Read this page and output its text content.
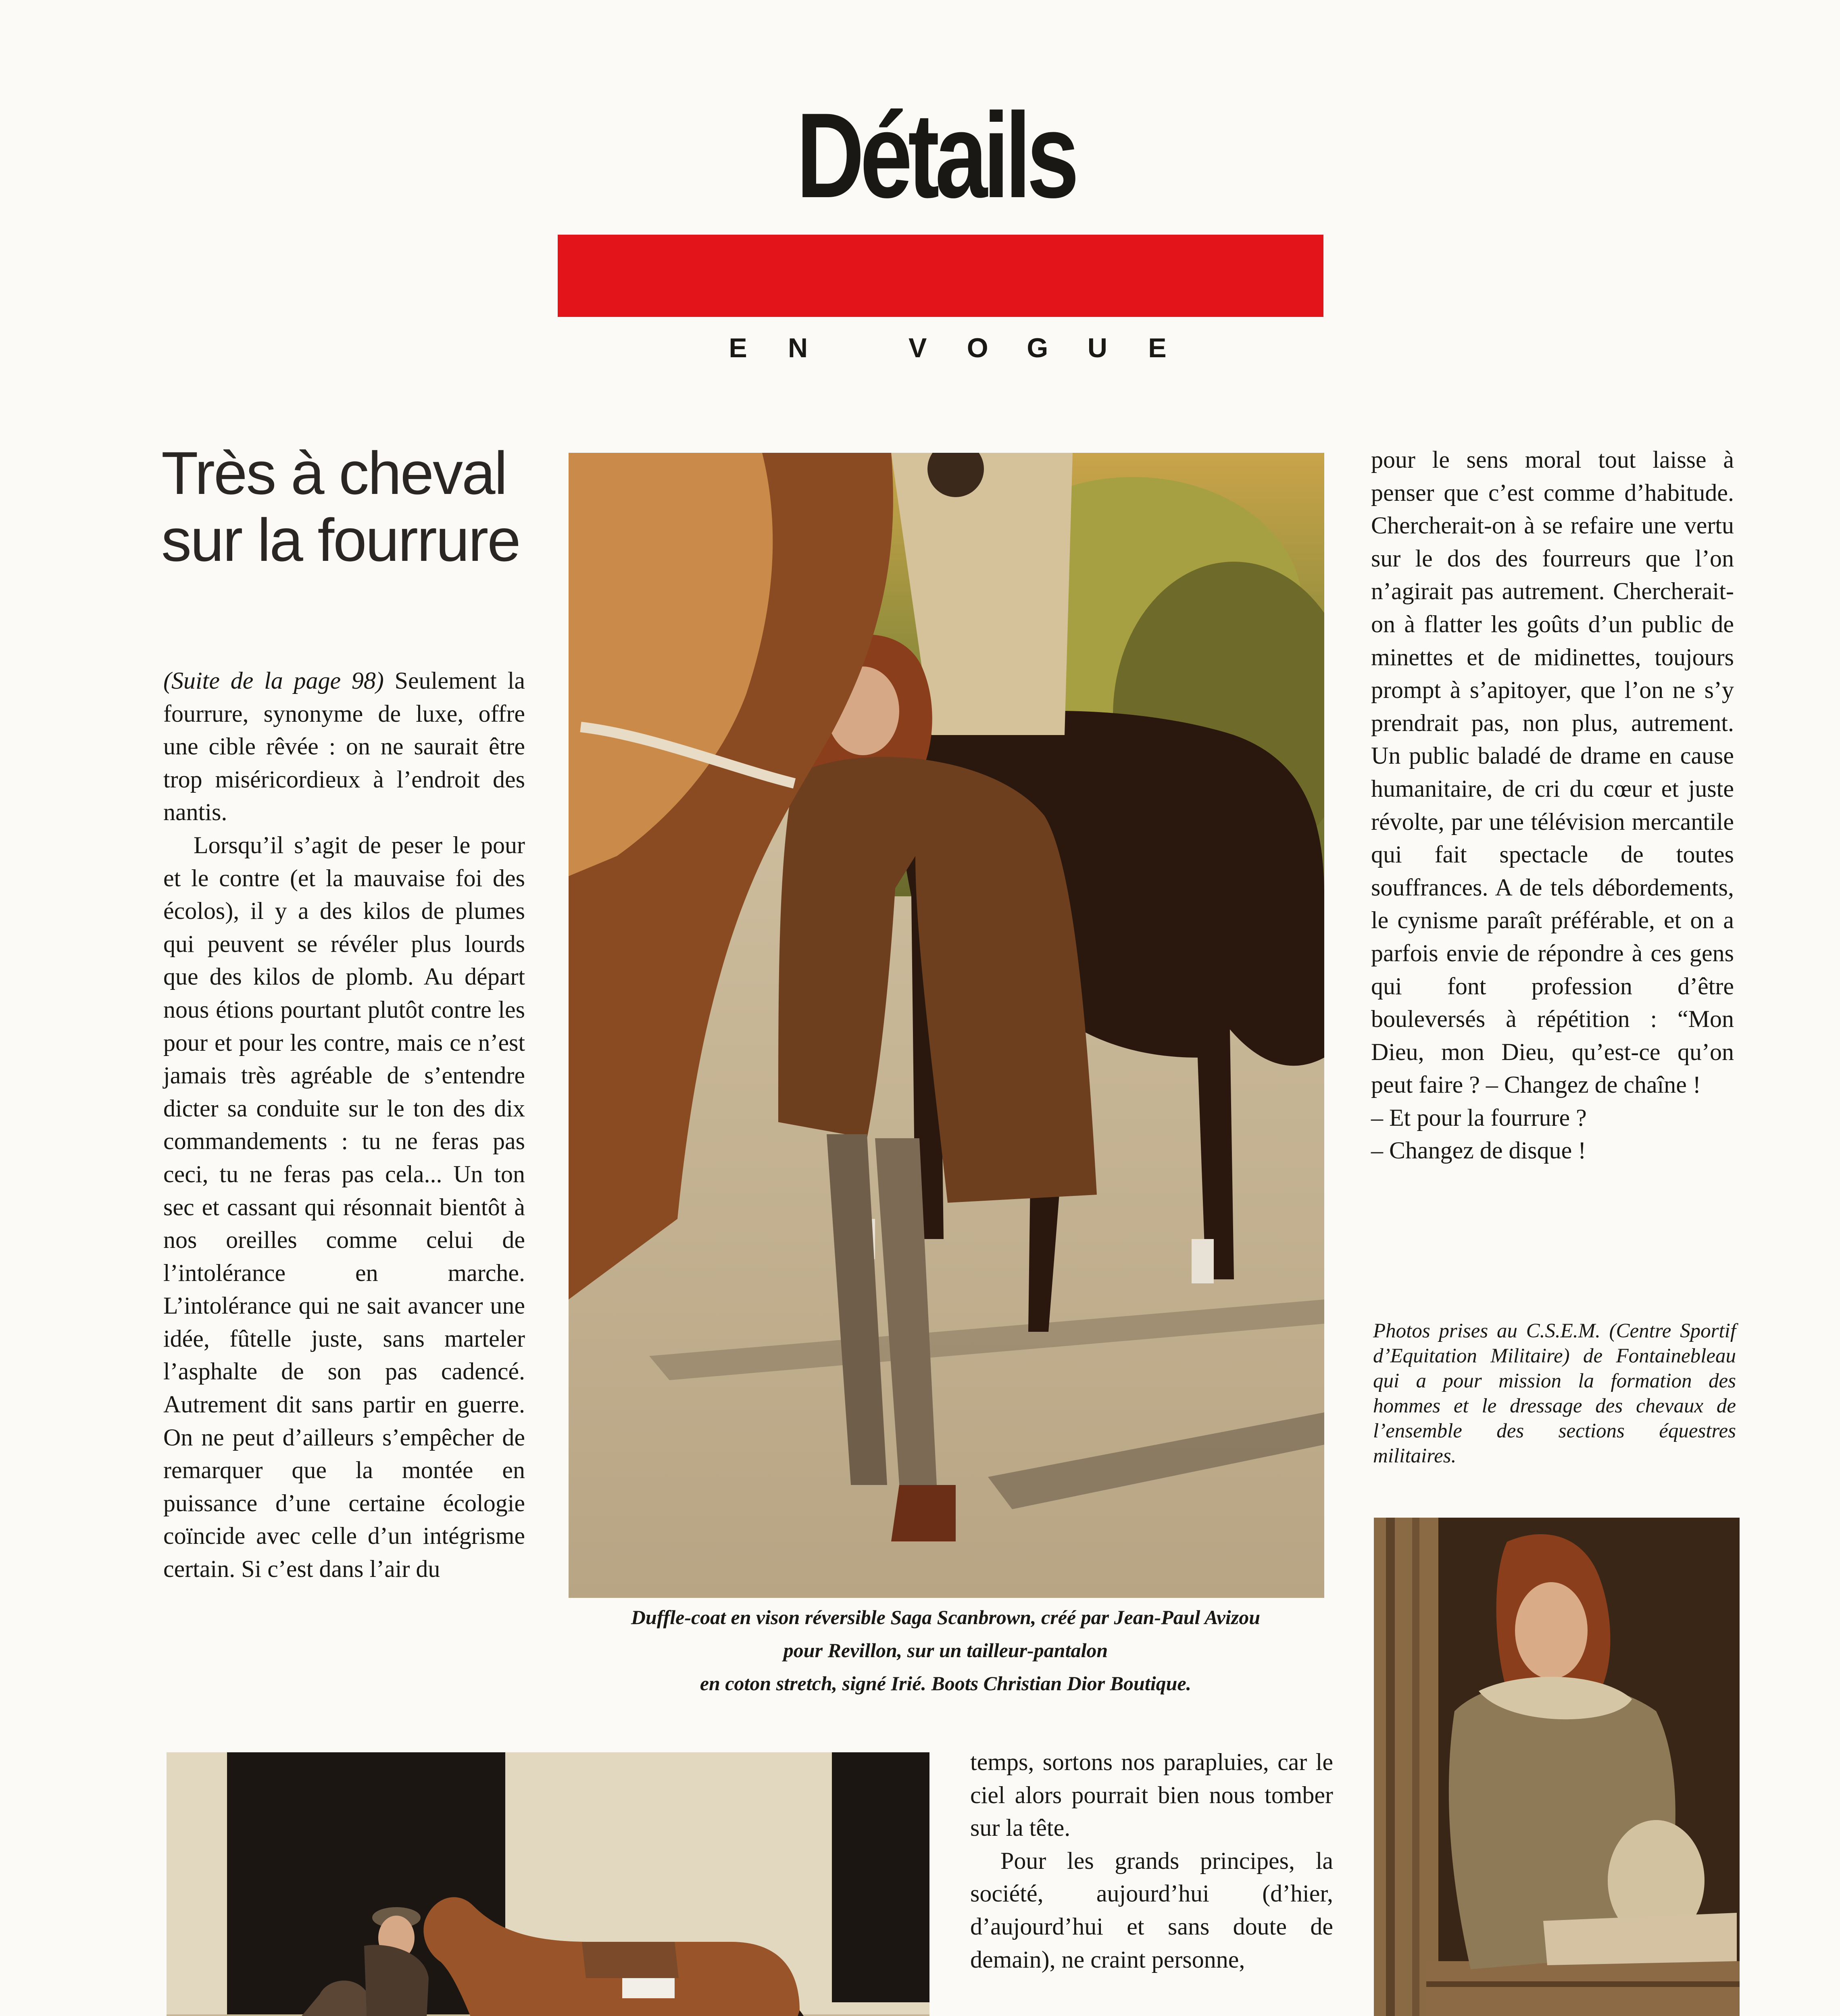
Détails
E N	V O G U E
Très à cheval sur la fourrure

(Suite de la page 98) Seulement la fourrure, synonyme de luxe, offre une cible rêvée : on ne saurait être trop miséricordieux à l’endroit des nantis.

Lorsqu’il s’agit de peser le pour et le contre (et la mauvaise foi des écolos), il y a des kilos de plumes qui peuvent se révéler plus lourds que des kilos de plomb. Au départ nous étions pourtant plutôt contre les pour et pour les contre, mais ce n’est jamais très agréable de s’entendre dicter sa conduite sur le ton des dix commandements : tu ne feras pas ceci, tu ne feras pas cela... Un ton sec et cassant qui résonnait bientôt à nos oreilles comme celui de l’intolérance en marche. L’intolérance qui ne sait avancer une idée, fûtelle juste, sans marteler l’asphalte de son pas cadencé. Autrement dit sans partir en guerre. On ne peut d’ailleurs s’empêcher de remarquer que la montée en puissance d’une certaine écologie coïncide avec celle d’un intégrisme certain. Si c’est dans l’air du

Duffle-coat en vison réversible Saga Scanbrown, créé par Jean-Paul Avizou
pour Revillon, sur un tailleur-pantalon
en coton stretch, signé Irié. Boots Christian Dior Boutique.

pour le sens moral tout laisse à penser que c’est comme d’habitude. Chercherait-on à se refaire une vertu sur le dos des fourreurs que l’on n’agirait pas autrement. Chercherait-on à flatter les goûts d’un public de minettes et de midinettes, toujours prompt à s’apitoyer, que l’on ne s’y prendrait pas, non plus, autrement. Un public baladé de drame en cause humanitaire, de cri du cœur et juste révolte, par une télévision mercantile qui fait spectacle de toutes souffrances. A de tels débordements, le cynisme paraît préférable, et on a parfois envie de répondre à ces gens qui font profession d’être bouleversés à répétition : “Mon Dieu, mon Dieu, qu’est-ce qu’on peut faire ? – Changez de chaîne !

– Et pour la fourrure ?

– Changez de disque !

Photos prises au C.S.E.M. (Centre Sportif d’Equitation Militaire) de Fontainebleau qui a pour mission la formation des hommes et le dressage des chevaux de l’ensemble des sections équestres militaires.

temps, sortons nos parapluies, car le ciel alors pourrait bien nous tomber sur la tête.

Pour les grands principes, la société, aujourd’hui (d’hier, d’aujourd’hui et sans doute de demain), ne craint personne,
